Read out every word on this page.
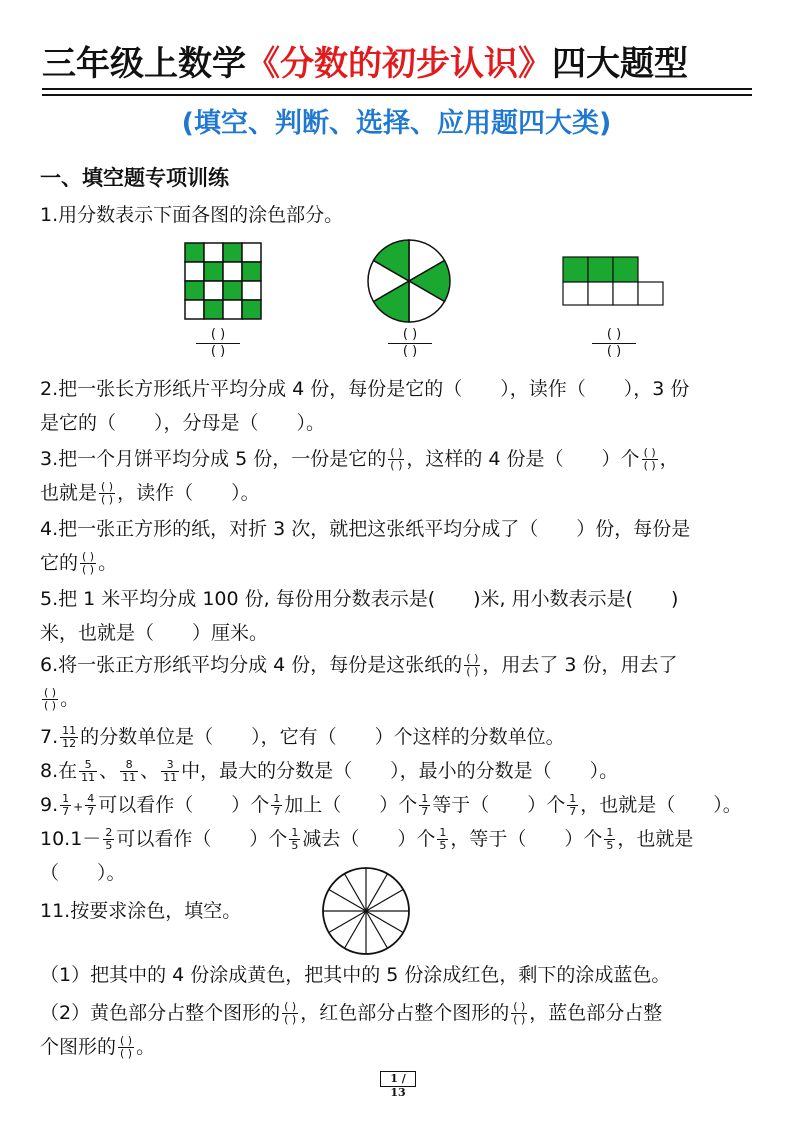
三年级上数学《分数的初步认识》四大题型
(填空、判断、选择、应用题四大类)
一、填空题专项训练
1.用分数表示下面各图的涂色部分。
( )
( )
( )
( )
( )
( )
2.把一张长方形纸片平均分成 4 份，每份是它的（　　），读作（　　），3 份
是它的（　　），分母是（　　）。
3.把一个月饼平均分成 5 份，一份是它的 $\frac{( )}{( )}$ ，这样的 4 份是（　　）个 $\frac{( )}{( )}$ ，
也就是 $\frac{( )}{( )}$ ，读作（　　）。
4.把一张正方形的纸，对折 3 次，就把这张纸平均分成了（　　）份，每份是
它的 $\frac{( )}{( )}$ 。
5.把 1 米平均分成 100 份, 每份用分数表示是(　　)米, 用小数表示是(　　)
米，也就是（　　）厘米。
6.将一张正方形纸平均分成 4 份，每份是这张纸的 $\frac{( )}{( )}$ ，用去了 3 份，用去了
$\frac{( )}{( )}$ 。
7. $\frac{11}{12}$ 的分数单位是（　　），它有（　　）个这样的分数单位。
8.在 $\frac{5}{11}$ 、 $\frac{8}{11}$ 、 $\frac{3}{11}$ 中，最大的分数是（　　），最小的分数是（　　）。
9. $\frac{1}{7} + \frac{4}{7}$ 可以看作（　　）个 $\frac{1}{7}$ 加上（　　）个 $\frac{1}{7}$ 等于（　　）个 $\frac{1}{7}$ ，也就是（　　）。
$10.1- \frac{2}{5}$ 可以看作（　　）个 $\frac{1}{5}$ 减去（　　）个 $\frac{1}{5}$ ，等于（　　）个 $\frac{1}{5}$ ，也就是
（　　）。
11.按要求涂色，填空。
（1）把其中的 4 份涂成黄色，把其中的 5 份涂成红色，剩下的涂成蓝色。
（2）黄色部分占整个图形的 $\frac{( )}{( )}$ ，红色部分占整个图形的 $\frac{( )}{( )}$ ，蓝色部分占整
个图形的 $\frac{( )}{( )}$ 。
1 / 13
